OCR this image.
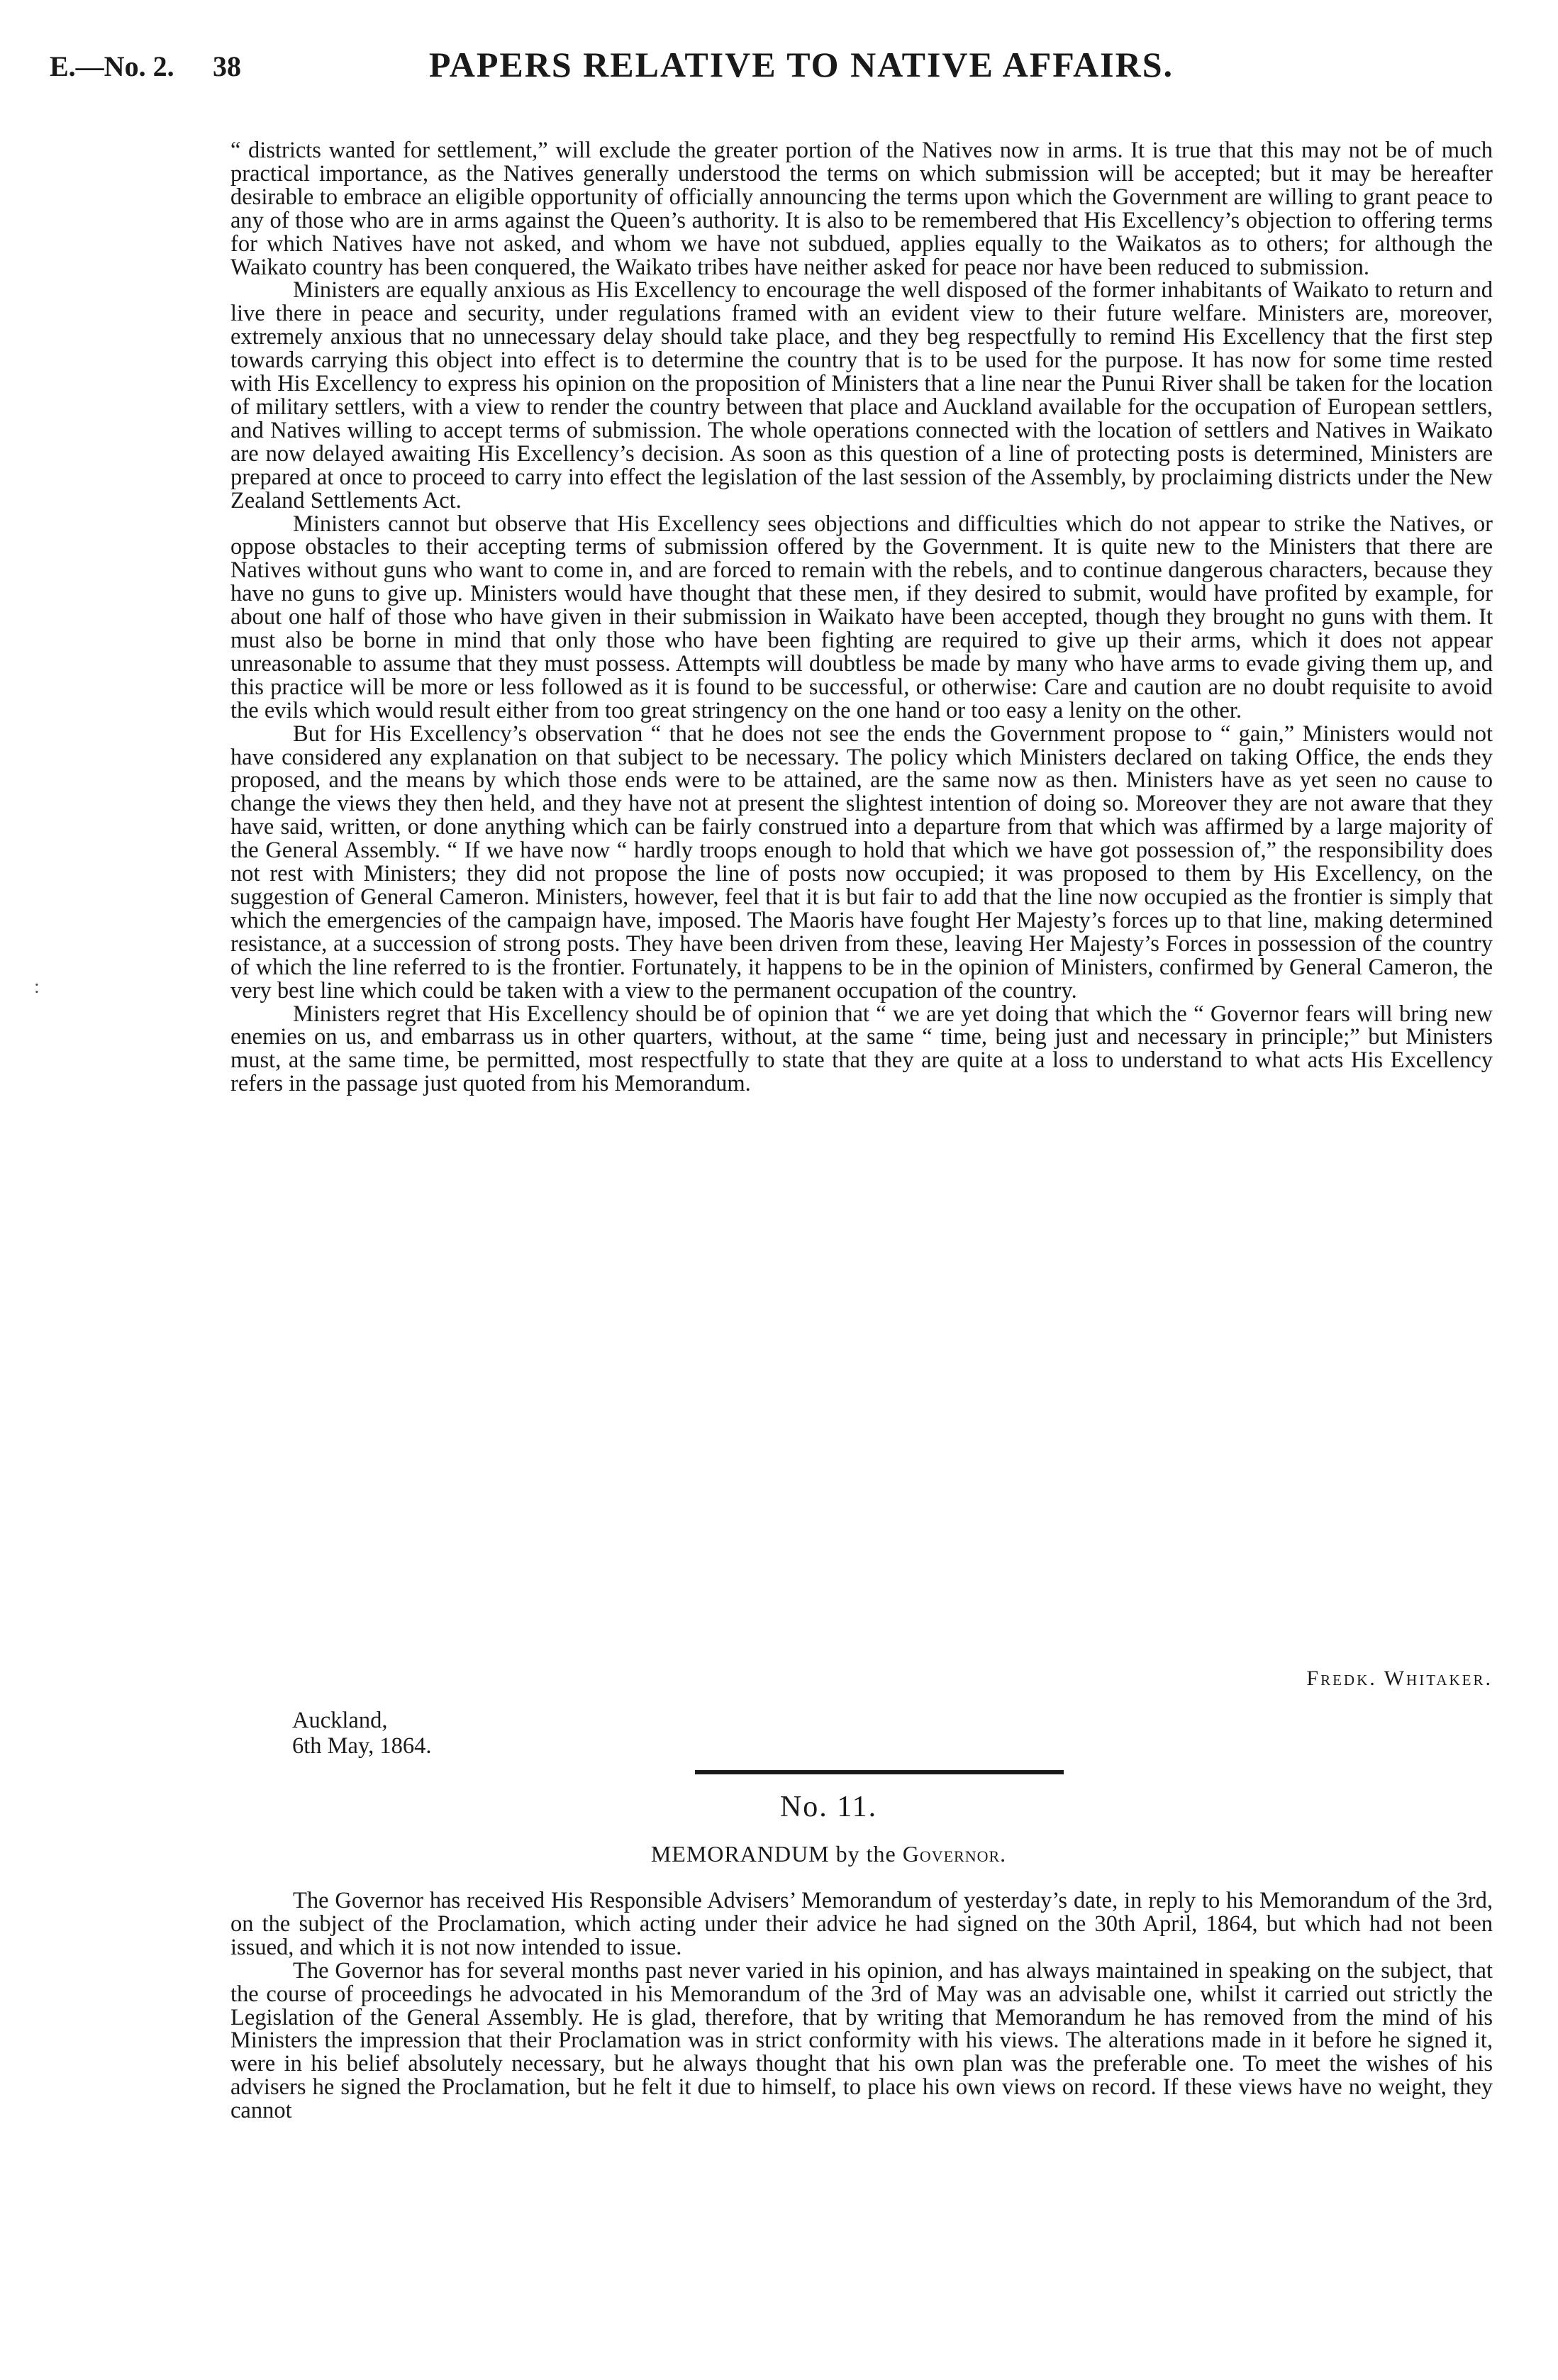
E.—No. 2. 38	PAPERS RELATIVE TO NATIVE AFFAIRS.
:

“ districts wanted for settlement,” will exclude the greater portion of the Natives now in arms. It is true that this may not be of much practical importance, as the Natives generally understood the terms on which submission will be accepted; but it may be hereafter desirable to embrace an eligible opportunity of officially announcing the terms upon which the Government are willing to grant peace to any of those who are in arms against the Queen’s authority. It is also to be remembered that His Excellency’s objection to offering terms for which Natives have not asked, and whom we have not subdued, applies equally to the Waikatos as to others; for although the Waikato country has been conquered, the Waikato tribes have neither asked for peace nor have been reduced to submission.

Ministers are equally anxious as His Excellency to encourage the well disposed of the former inhabitants of Waikato to return and live there in peace and security, under regulations framed with an evident view to their future welfare. Ministers are, moreover, extremely anxious that no unnecessary delay should take place, and they beg respectfully to remind His Excellency that the first step towards carrying this object into effect is to determine the country that is to be used for the purpose. It has now for some time rested with His Excellency to express his opinion on the proposition of Ministers that a line near the Punui River shall be taken for the location of military settlers, with a view to render the country between that place and Auckland available for the occupation of European settlers, and Natives willing to accept terms of submission. The whole operations connected with the location of settlers and Natives in Waikato are now delayed awaiting His Excellency’s decision. As soon as this question of a line of protecting posts is determined, Ministers are prepared at once to proceed to carry into effect the legislation of the last session of the Assembly, by proclaiming districts under the New Zealand Settlements Act.

Ministers cannot but observe that His Excellency sees objections and difficulties which do not appear to strike the Natives, or oppose obstacles to their accepting terms of submission offered by the Government. It is quite new to the Ministers that there are Natives without guns who want to come in, and are forced to remain with the rebels, and to continue dangerous characters, because they have no guns to give up. Ministers would have thought that these men, if they desired to submit, would have profited by example, for about one half of those who have given in their submission in Waikato have been accepted, though they brought no guns with them. It must also be borne in mind that only those who have been fighting are required to give up their arms, which it does not appear unreasonable to assume that they must possess. Attempts will doubtless be made by many who have arms to evade giving them up, and this practice will be more or less followed as it is found to be successful, or otherwise: Care and caution are no doubt requisite to avoid the evils which would result either from too great stringency on the one hand or too easy a lenity on the other.

But for His Excellency’s observation “ that he does not see the ends the Government propose to “ gain,” Ministers would not have considered any explanation on that subject to be necessary. The policy which Ministers declared on taking Office, the ends they proposed, and the means by which those ends were to be attained, are the same now as then. Ministers have as yet seen no cause to change the views they then held, and they have not at present the slightest intention of doing so. Moreover they are not aware that they have said, written, or done anything which can be fairly construed into a departure from that which was affirmed by a large majority of the General Assembly. “ If we have now “ hardly troops enough to hold that which we have got possession of,” the responsibility does not rest with Ministers; they did not propose the line of posts now occupied; it was proposed to them by His Excellency, on the suggestion of General Cameron. Ministers, however, feel that it is but fair to add that the line now occupied as the frontier is simply that which the emergencies of the campaign have, imposed. The Maoris have fought Her Majesty’s forces up to that line, making determined resistance, at a succession of strong posts. They have been driven from these, leaving Her Majesty’s Forces in possession of the country of which the line referred to is the frontier. Fortunately, it happens to be in the opinion of Ministers, confirmed by General Cameron, the very best line which could be taken with a view to the permanent occupation of the country.

Ministers regret that His Excellency should be of opinion that “ we are yet doing that which the “ Governor fears will bring new enemies on us, and embarrass us in other quarters, without, at the same “ time, being just and necessary in principle;” but Ministers must, at the same time, be permitted, most respectfully to state that they are quite at a loss to understand to what acts His Excellency refers in the passage just quoted from his Memorandum.

Fredk. Whitaker.
Auckland,
6th May, 1864.
No. 11.
MEMORANDUM by the Governor.

The Governor has received His Responsible Advisers’ Memorandum of yesterday’s date, in reply to his Memorandum of the 3rd, on the subject of the Proclamation, which acting under their advice he had signed on the 30th April, 1864, but which had not been issued, and which it is not now intended to issue.

The Governor has for several months past never varied in his opinion, and has always maintained in speaking on the subject, that the course of proceedings he advocated in his Memorandum of the 3rd of May was an advisable one, whilst it carried out strictly the Legislation of the General Assembly. He is glad, therefore, that by writing that Memorandum he has removed from the mind of his Ministers the impression that their Proclamation was in strict conformity with his views. The alterations made in it before he signed it, were in his belief absolutely necessary, but he always thought that his own plan was the preferable one. To meet the wishes of his advisers he signed the Proclamation, but he felt it due to himself, to place his own views on record. If these views have no weight, they cannot
